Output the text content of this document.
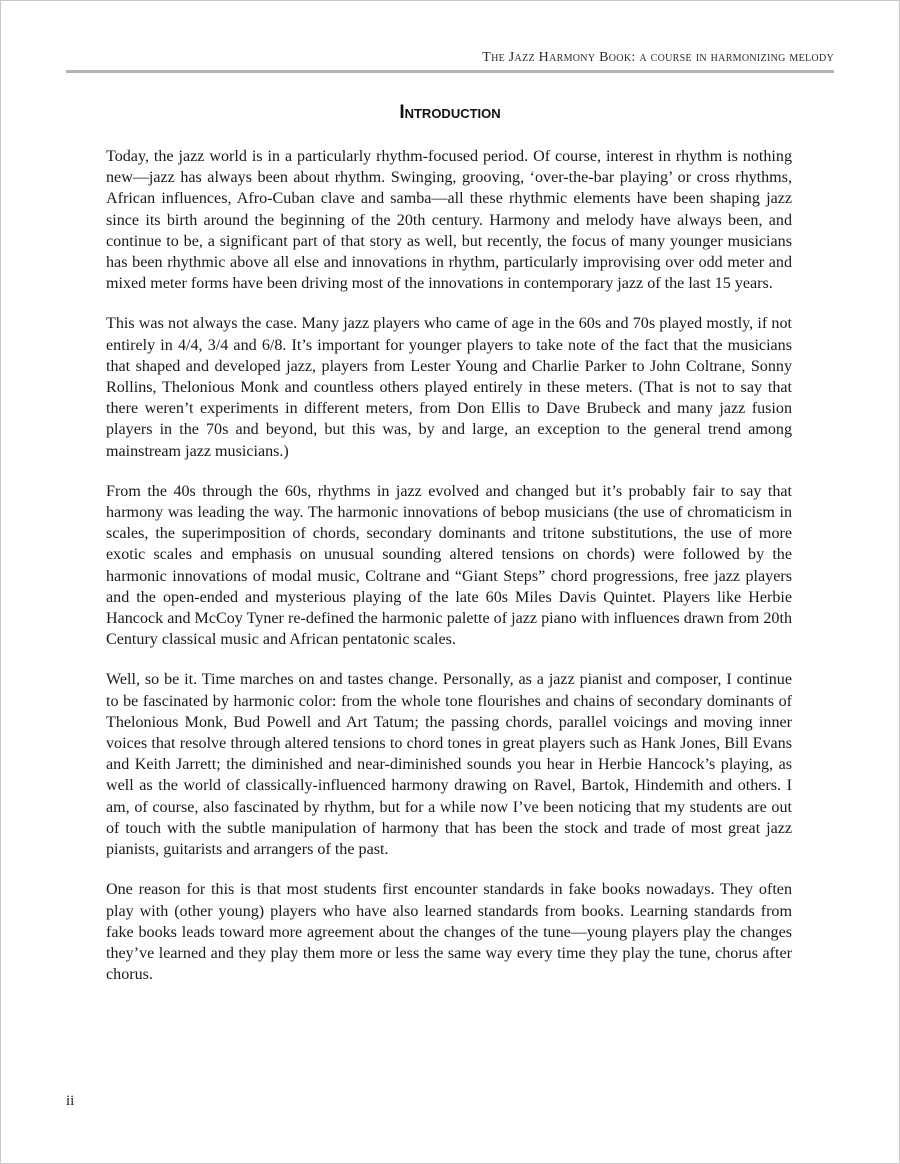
The Jazz Harmony Book: a course in harmonizing melody
Introduction

Today, the jazz world is in a particularly rhythm-focused period. Of course, interest in rhythm is nothing new—jazz has always been about rhythm. Swinging, grooving, ‘over-the-bar playing’ or cross rhythms, African influences, Afro-Cuban clave and samba—all these rhythmic elements have been shaping jazz since its birth around the beginning of the 20th century. Harmony and melody have always been, and continue to be, a significant part of that story as well, but recently, the focus of many younger musicians has been rhythmic above all else and innovations in rhythm, particularly improvising over odd meter and mixed meter forms have been driving most of the innovations in contemporary jazz of the last 15 years.

This was not always the case. Many jazz players who came of age in the 60s and 70s played mostly, if not entirely in 4/4, 3/4 and 6/8. It’s important for younger players to take note of the fact that the musicians that shaped and developed jazz, players from Lester Young and Charlie Parker to John Coltrane, Sonny Rollins, Thelonious Monk and countless others played entirely in these meters. (That is not to say that there weren’t experiments in different meters, from Don Ellis to Dave Brubeck and many jazz fusion players in the 70s and beyond, but this was, by and large, an exception to the general trend among mainstream jazz musicians.)

From the 40s through the 60s, rhythms in jazz evolved and changed but it’s probably fair to say that harmony was leading the way. The harmonic innovations of bebop musicians (the use of chromaticism in scales, the superimposition of chords, secondary dominants and tritone substitutions, the use of more exotic scales and emphasis on unusual sounding altered tensions on chords) were followed by the harmonic innovations of modal music, Coltrane and “Giant Steps” chord progressions, free jazz players and the open-ended and mysterious playing of the late 60s Miles Davis Quintet. Players like Herbie Hancock and McCoy Tyner re-defined the harmonic palette of jazz piano with influences drawn from 20th Century classical music and African pentatonic scales.

Well, so be it. Time marches on and tastes change. Personally, as a jazz pianist and composer, I continue to be fascinated by harmonic color: from the whole tone flourishes and chains of secondary dominants of Thelonious Monk, Bud Powell and Art Tatum; the passing chords, parallel voicings and moving inner voices that resolve through altered tensions to chord tones in great players such as Hank Jones, Bill Evans and Keith Jarrett; the diminished and near-diminished sounds you hear in Herbie Hancock’s playing, as well as the world of classically-influenced harmony drawing on Ravel, Bartok, Hindemith and others. I am, of course, also fascinated by rhythm, but for a while now I’ve been noticing that my students are out of touch with the subtle manipulation of harmony that has been the stock and trade of most great jazz pianists, guitarists and arrangers of the past.

One reason for this is that most students first encounter standards in fake books nowadays. They often play with (other young) players who have also learned standards from books. Learning standards from fake books leads toward more agreement about the changes of the tune—young players play the changes they’ve learned and they play them more or less the same way every time they play the tune, chorus after chorus.

ii
